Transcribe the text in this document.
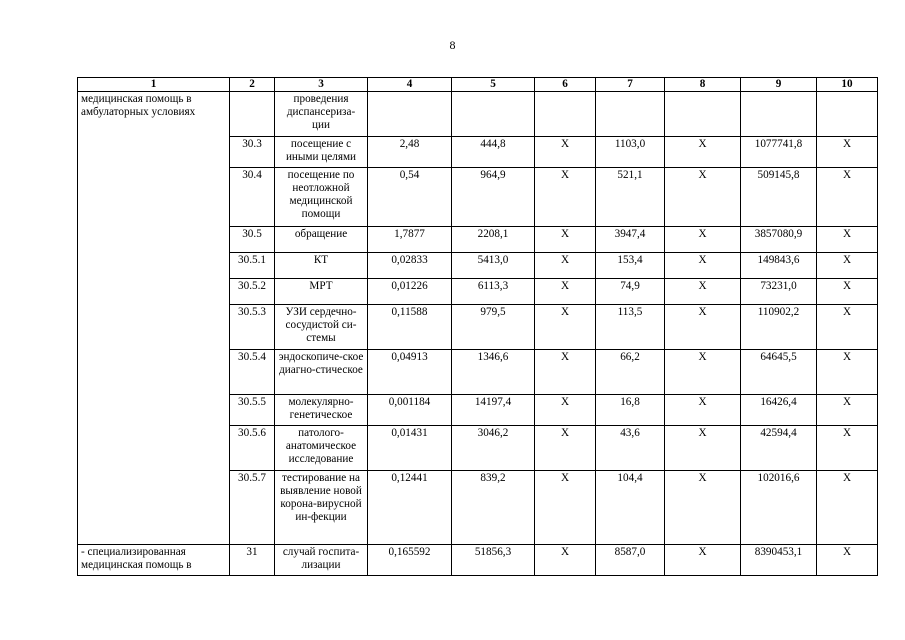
8
1	2	3	4	5	6	7	8	9	10
медицинская помощь в амбулаторных условиях		проведения диспансериза-ции							
	30.3	посещение с иными целями	2,48	444,8	Х	1103,0	Х	1077741,8	Х
	30.4	посещение по неотложной медицинской помощи	0,54	964,9	Х	521,1	Х	509145,8	Х
	30.5	обращение	1,7877	2208,1	Х	3947,4	Х	3857080,9	Х
	30.5.1	КТ	0,02833	5413,0	Х	153,4	Х	149843,6	Х
	30.5.2	МРТ	0,01226	6113,3	Х	74,9	Х	73231,0	Х
	30.5.3	УЗИ сердечно-сосудистой си-стемы	0,11588	979,5	Х	113,5	Х	110902,2	Х
	30.5.4	эндоскопиче-ское диагно-стическое	0,04913	1346,6	Х	66,2	Х	64645,5	Х
	30.5.5	молекулярно-генетическое	0,001184	14197,4	Х	16,8	Х	16426,4	Х
	30.5.6	патолого-анатомическое исследование	0,01431	3046,2	Х	43,6	Х	42594,4	Х
	30.5.7	тестирование на выявление новой корона-вирусной ин-фекции	0,12441	839,2	Х	104,4	Х	102016,6	Х
- специализированная медицинская помощь в	31	случай госпита-лизации	0,165592	51856,3	Х	8587,0	Х	8390453,1	Х
